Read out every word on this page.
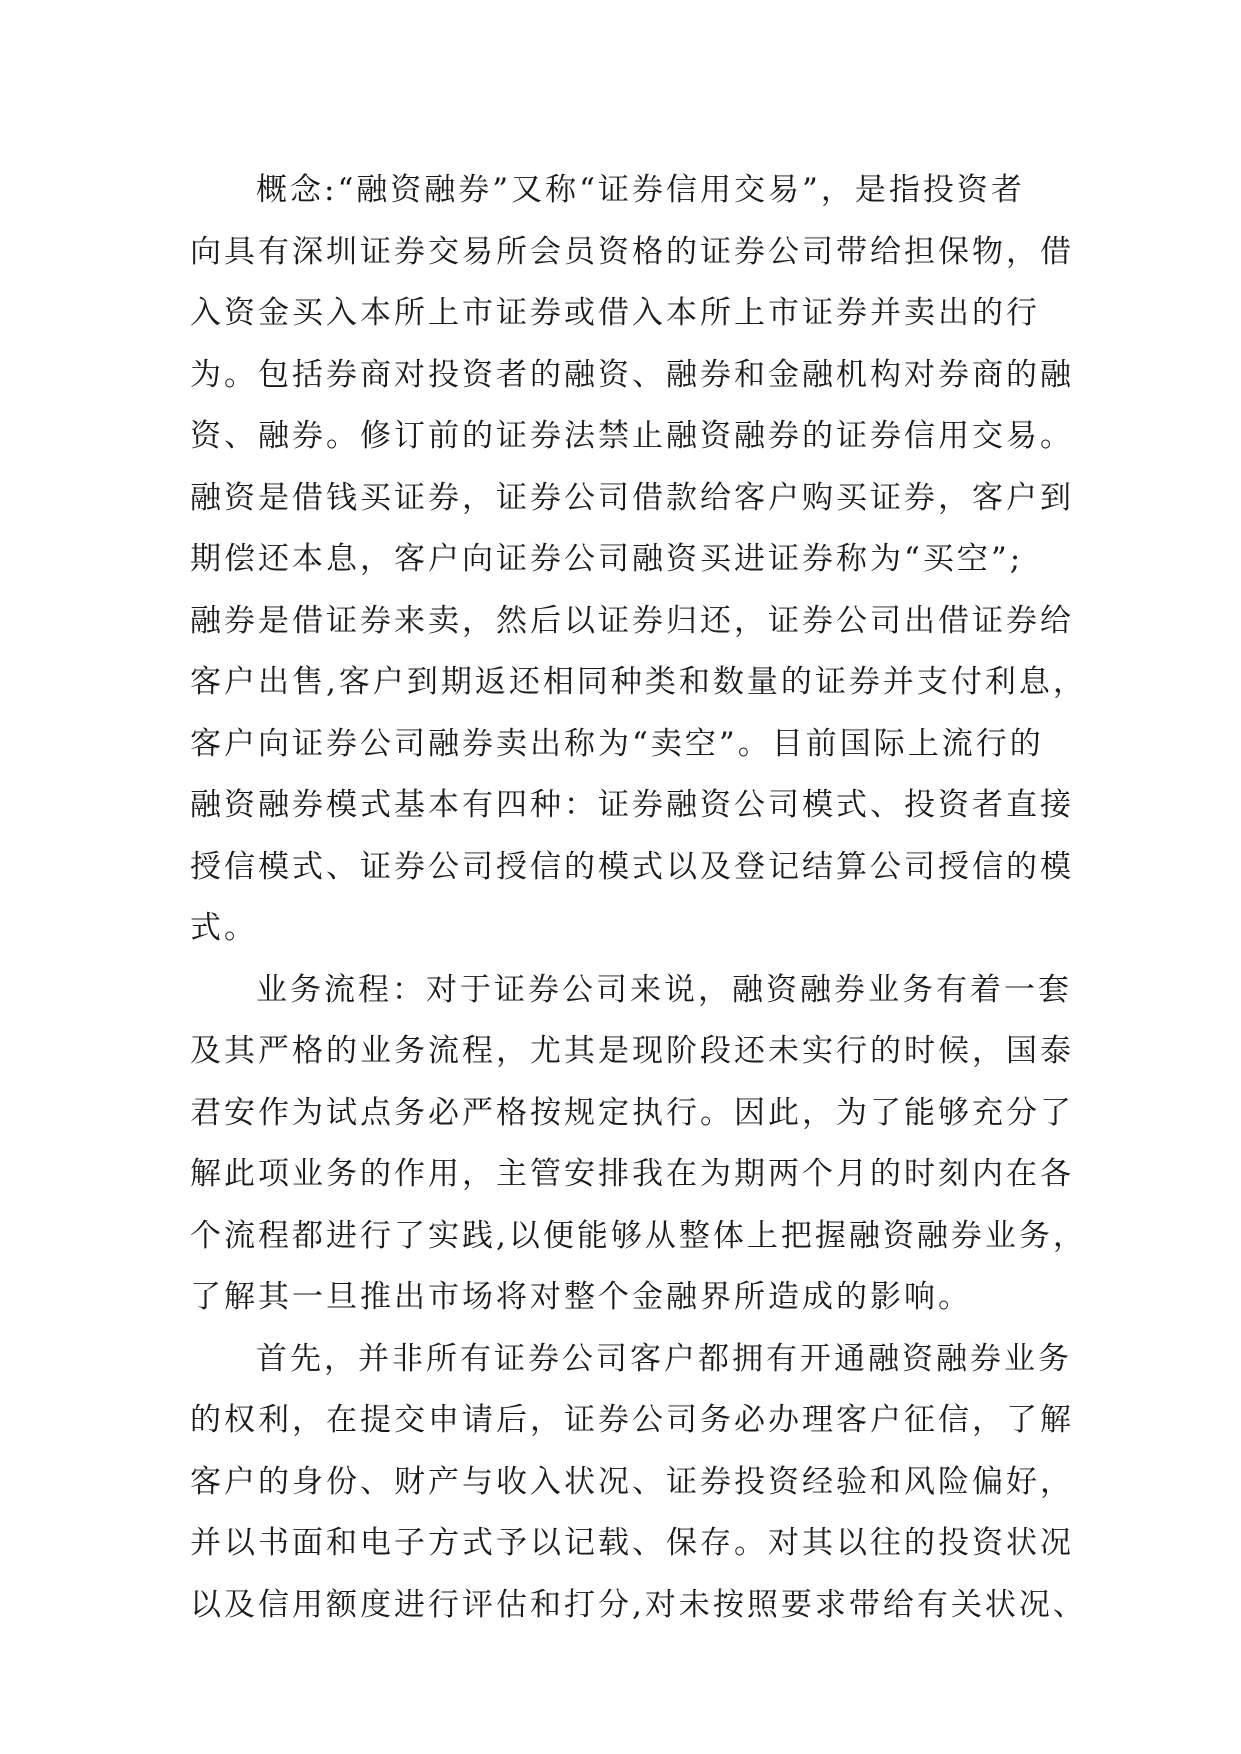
概念:“融资融券”又称“证券信用交易”，是指投资者
向具有深圳证券交易所会员资格的证券公司带给担保物，借
入资金买入本所上市证券或借入本所上市证券并卖出的行
为。包括券商对投资者的融资、融券和金融机构对券商的融
资、融券。修订前的证券法禁止融资融券的证券信用交易。
融资是借钱买证券，证券公司借款给客户购买证券，客户到
期偿还本息，客户向证券公司融资买进证券称为“买空”;
融券是借证券来卖，然后以证券归还，证券公司出借证券给
客户出售,客户到期返还相同种类和数量的证券并支付利息，
客户向证券公司融券卖出称为“卖空”。目前国际上流行的
融资融券模式基本有四种：证券融资公司模式、投资者直接
授信模式、证券公司授信的模式以及登记结算公司授信的模
式。
业务流程：对于证券公司来说，融资融券业务有着一套
及其严格的业务流程，尤其是现阶段还未实行的时候，国泰
君安作为试点务必严格按规定执行。因此，为了能够充分了
解此项业务的作用，主管安排我在为期两个月的时刻内在各
个流程都进行了实践,以便能够从整体上把握融资融券业务，
了解其一旦推出市场将对整个金融界所造成的影响。
首先，并非所有证券公司客户都拥有开通融资融券业务
的权利，在提交申请后，证券公司务必办理客户征信，了解
客户的身份、财产与收入状况、证券投资经验和风险偏好，
并以书面和电子方式予以记载、保存。对其以往的投资状况
以及信用额度进行评估和打分,对未按照要求带给有关状况、
